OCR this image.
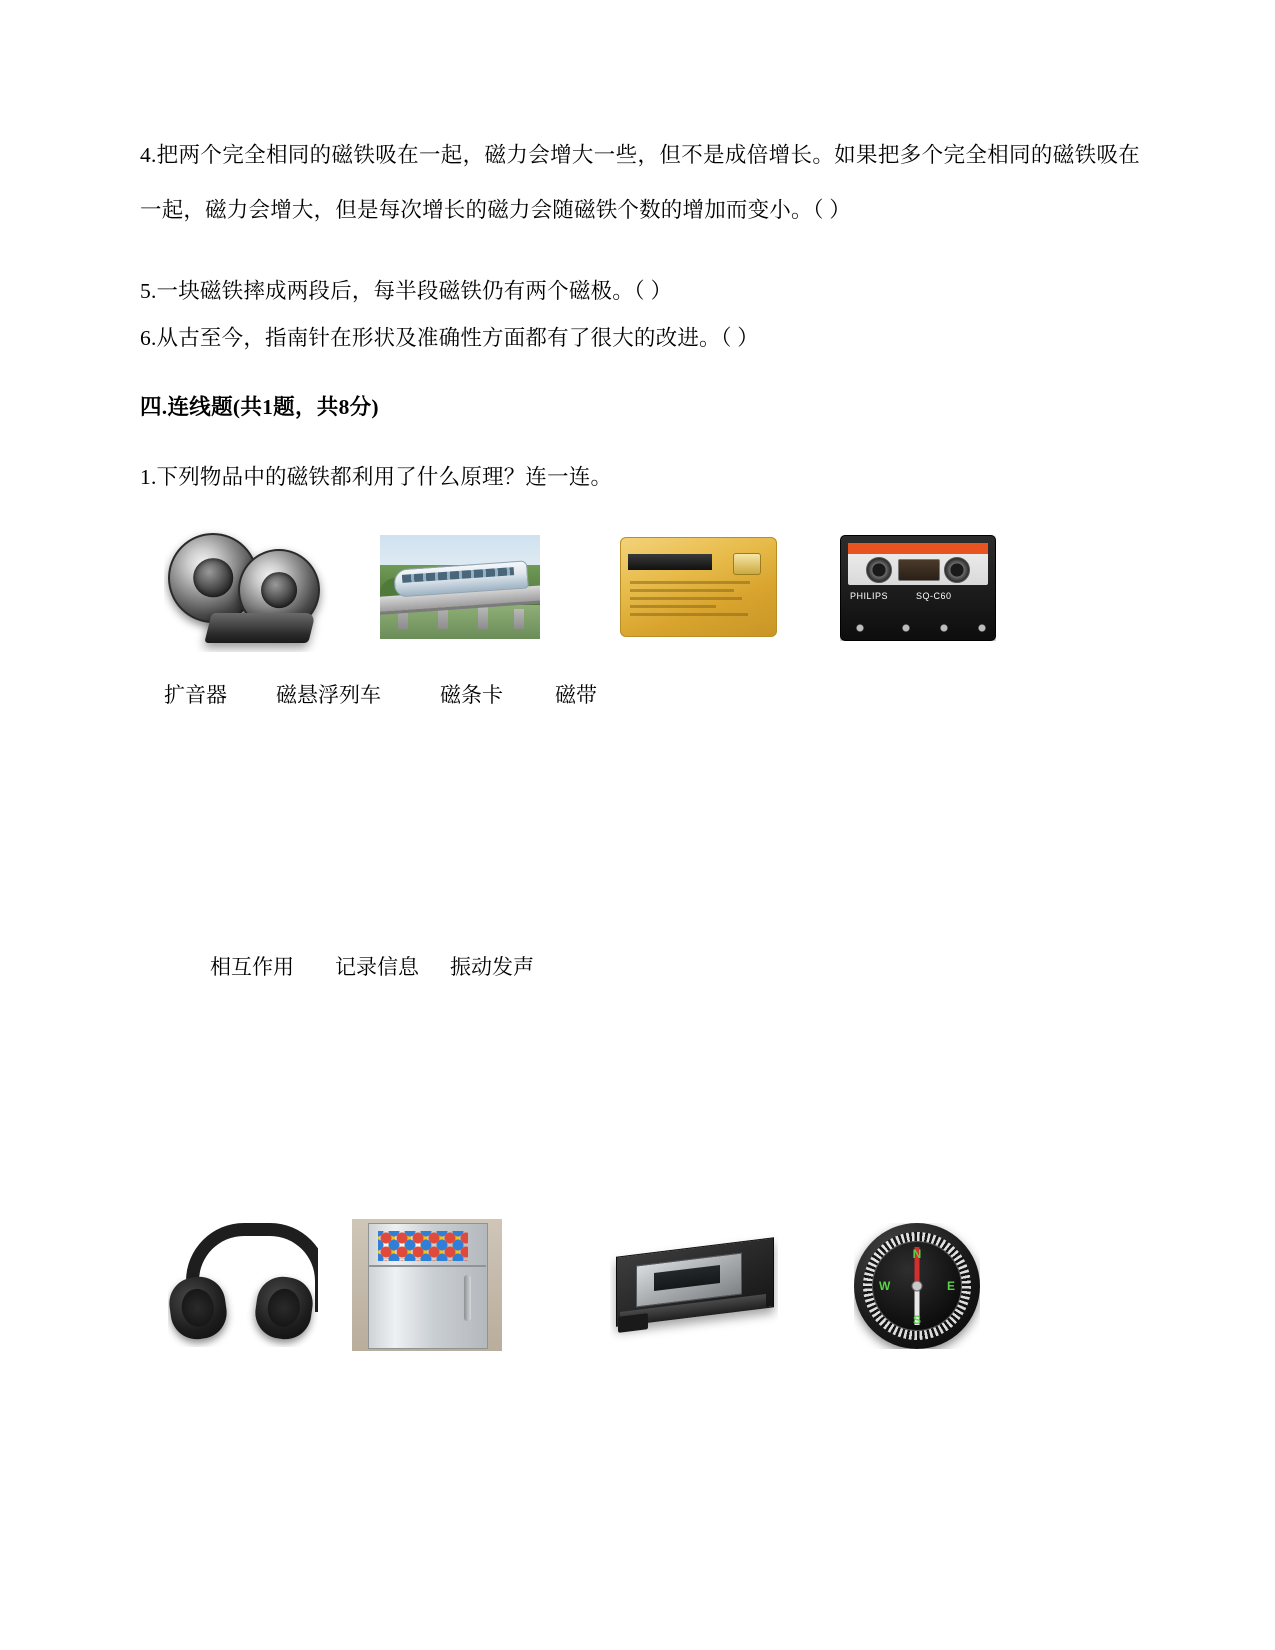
4.把两个完全相同的磁铁吸在一起，磁力会增大一些，但不是成倍增长。如果把多个完全相同的磁铁吸在一起，磁力会增大，但是每次增长的磁力会随磁铁个数的增加而变小。（ ）
5.一块磁铁摔成两段后，每半段磁铁仍有两个磁极。（ ）
6.从古至今，指南针在形状及准确性方面都有了很大的改进。（ ）
四.连线题(共1题，共8分)
1.下列物品中的磁铁都利用了什么原理？连一连。
PHILIPS	SQ-C60
扩音器 磁悬浮列车	磁条卡 磁带
相互作用 记录信息 振动发声
N
S
W	E
